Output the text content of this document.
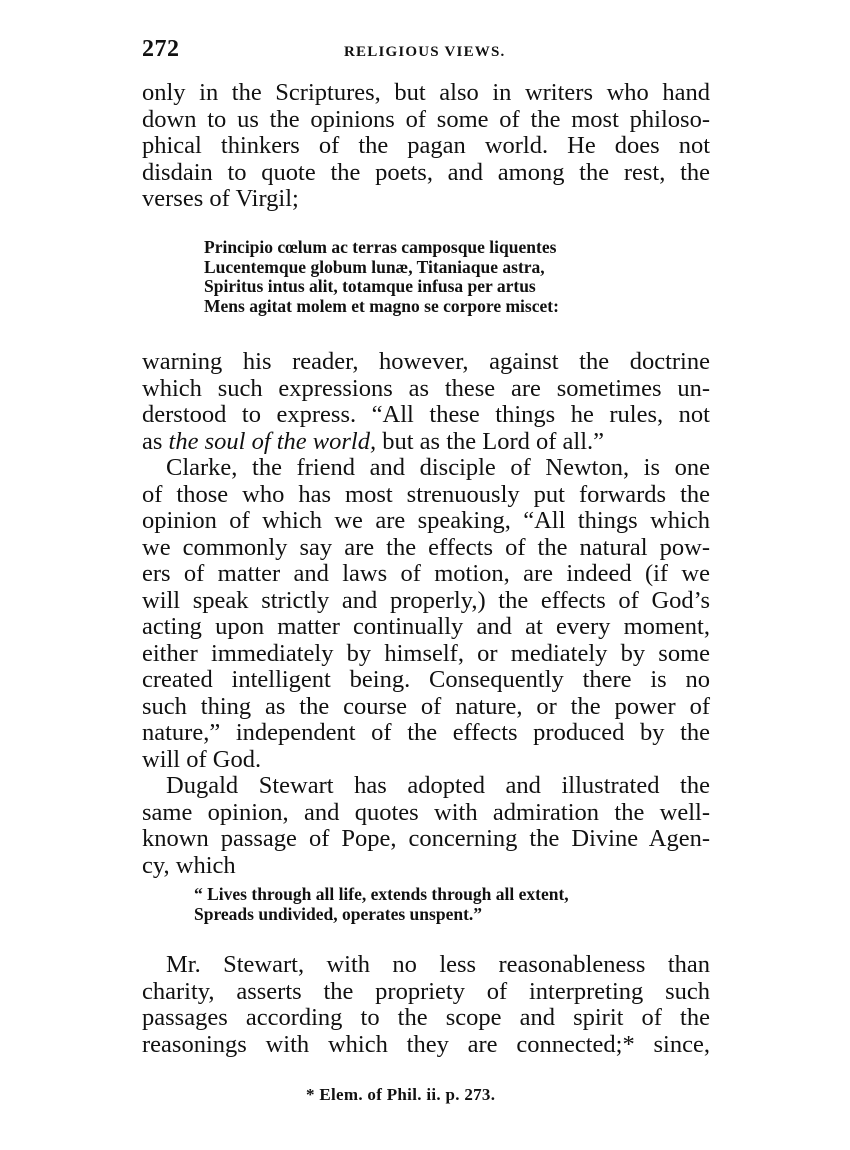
272	RELIGIOUS VIEWS.
only in the Scriptures, but also in writers who hand
down to us the opinions of some of the most philoso-
phical thinkers of the pagan world. He does not
disdain to quote the poets, and among the rest, the
verses of Virgil;
Principio cœlum ac terras camposque liquentes
Lucentemque globum lunæ, Titaniaque astra,
Spiritus intus alit, totamque infusa per artus
Mens agitat molem et magno se corpore miscet:
warning his reader, however, against the doctrine
which such expressions as these are sometimes un-
derstood to express. “All these things he rules, not
as the soul of the world, but as the Lord of all.”
Clarke, the friend and disciple of Newton, is one
of those who has most strenuously put forwards the
opinion of which we are speaking, “All things which
we commonly say are the effects of the natural pow-
ers of matter and laws of motion, are indeed (if we
will speak strictly and properly,) the effects of God’s
acting upon matter continually and at every moment,
either immediately by himself, or mediately by some
created intelligent being. Consequently there is no
such thing as the course of nature, or the power of
nature,” independent of the effects produced by the
will of God.
Dugald Stewart has adopted and illustrated the
same opinion, and quotes with admiration the well-
known passage of Pope, concerning the Divine Agen-
cy, which
“ Lives through all life, extends through all extent,
Spreads undivided, operates unspent.”
Mr. Stewart, with no less reasonableness than
charity, asserts the propriety of interpreting such
passages according to the scope and spirit of the
reasonings with which they are connected;* since,
* Elem. of Phil. ii. p. 273.
